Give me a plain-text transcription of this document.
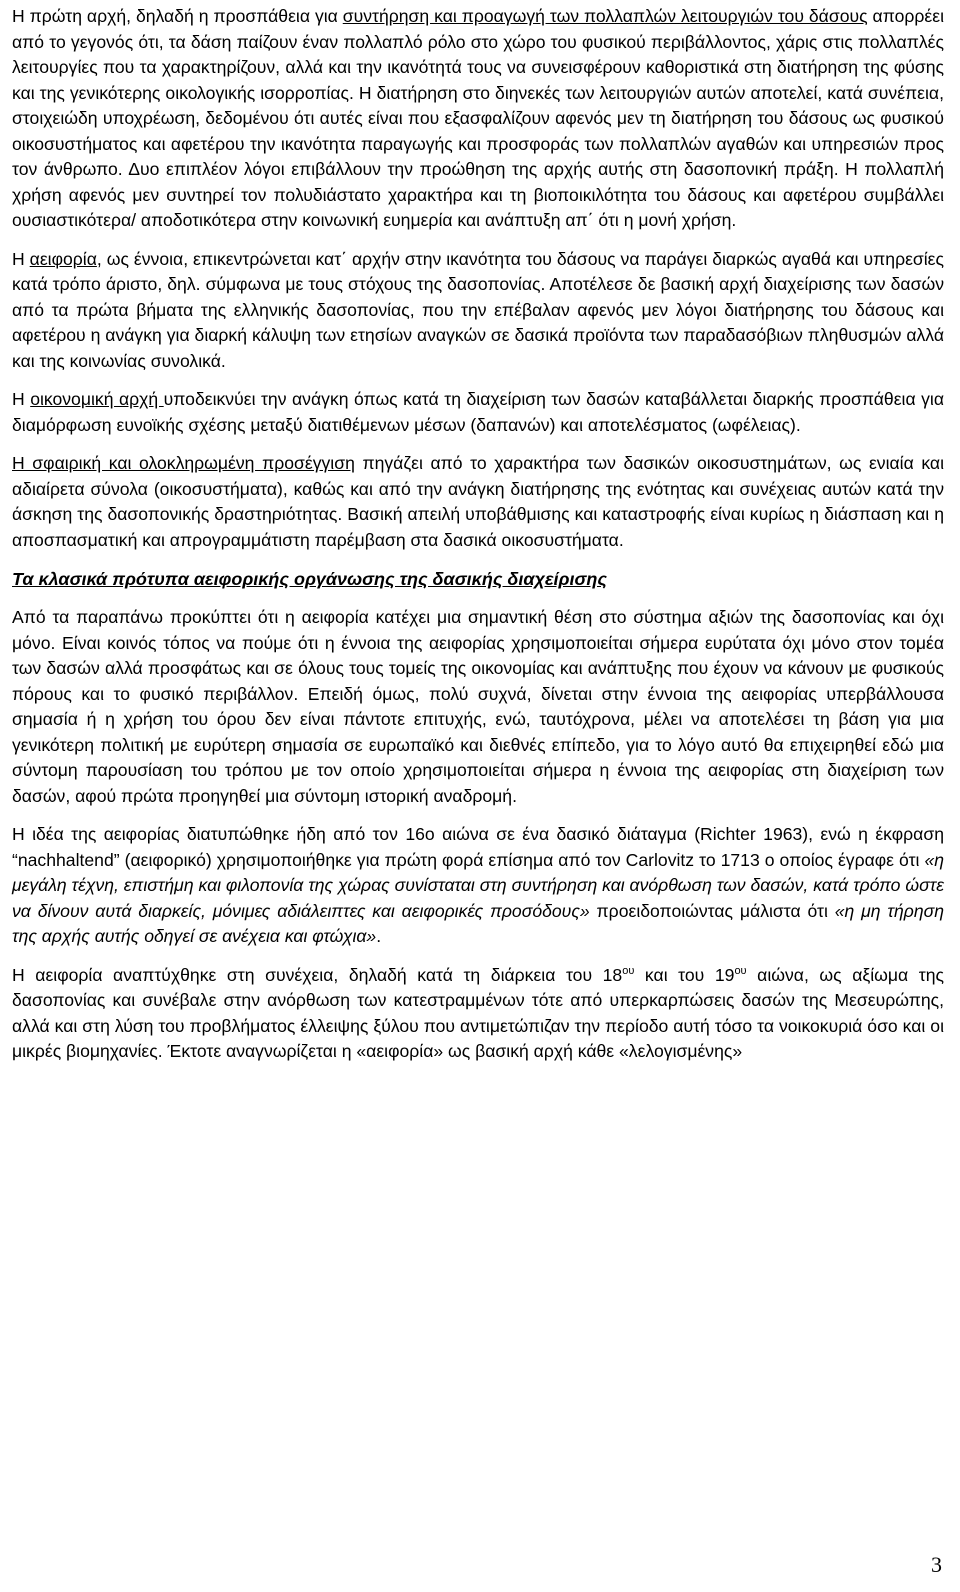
Η πρώτη αρχή, δηλαδή η προσπάθεια για συντήρηση και προαγωγή των πολλαπλών λειτουργιών του δάσους απορρέει από το γεγονός ότι, τα δάση παίζουν έναν πολλαπλό ρόλο στο χώρο του φυσικού περιβάλλοντος, χάρις στις πολλαπλές λειτουργίες που τα χαρακτηρίζουν, αλλά και την ικανότητά τους να συνεισφέρουν καθοριστικά στη διατήρηση της φύσης και της γενικότερης οικολογικής ισορροπίας. Η διατήρηση στο διηνεκές των λειτουργιών αυτών αποτελεί, κατά συνέπεια, στοιχειώδη υποχρέωση, δεδομένου ότι αυτές είναι που εξασφαλίζουν αφενός μεν τη διατήρηση του δάσους ως φυσικού οικοσυστήματος και αφετέρου την ικανότητα παραγωγής και προσφοράς των πολλαπλών αγαθών και υπηρεσιών προς τον άνθρωπο. Δυο επιπλέον λόγοι επιβάλλουν την προώθηση της αρχής αυτής στη δασοπονική πράξη. Η πολλαπλή χρήση αφενός μεν συντηρεί τον πολυδιάστατο χαρακτήρα και τη βιοποικιλότητα του δάσους και αφετέρου συμβάλλει ουσιαστικότερα/ αποδοτικότερα στην κοινωνική ευημερία και ανάπτυξη απ΄ ότι η μονή χρήση.

Η αειφορία, ως έννοια, επικεντρώνεται κατ΄ αρχήν στην ικανότητα του δάσους να παράγει διαρκώς αγαθά και υπηρεσίες κατά τρόπο άριστο, δηλ. σύμφωνα με τους στόχους της δασοπονίας. Αποτέλεσε δε βασική αρχή διαχείρισης των δασών από τα πρώτα βήματα της ελληνικής δασοπονίας, που την επέβαλαν αφενός μεν λόγοι διατήρησης του δάσους και αφετέρου η ανάγκη για διαρκή κάλυψη των ετησίων αναγκών σε δασικά προϊόντα των παραδασόβιων πληθυσμών αλλά και της κοινωνίας συνολικά.

Η οικονομική αρχή υποδεικνύει την ανάγκη όπως κατά τη διαχείριση των δασών καταβάλλεται διαρκής προσπάθεια για διαμόρφωση ευνοϊκής σχέσης μεταξύ διατιθέμενων μέσων (δαπανών) και αποτελέσματος (ωφέλειας).

Η σφαιρική και ολοκληρωμένη προσέγγιση πηγάζει από το χαρακτήρα των δασικών οικοσυστημάτων, ως ενιαία και αδιαίρετα σύνολα (οικοσυστήματα), καθώς και από την ανάγκη διατήρησης της ενότητας και συνέχειας αυτών κατά την άσκηση της δασοπονικής δραστηριότητας. Βασική απειλή υποβάθμισης και καταστροφής είναι κυρίως η διάσπαση και η αποσπασματική και απρογραμμάτιστη παρέμβαση στα δασικά οικοσυστήματα.

Τα κλασικά πρότυπα αειφορικής οργάνωσης της δασικής διαχείρισης

Από τα παραπάνω προκύπτει ότι η αειφορία κατέχει μια σημαντική θέση στο σύστημα αξιών της δασοπονίας και όχι μόνο. Είναι κοινός τόπος να πούμε ότι η έννοια της αειφορίας χρησιμοποιείται σήμερα ευρύτατα όχι μόνο στον τομέα των δασών αλλά προσφάτως και σε όλους τους τομείς της οικονομίας και ανάπτυξης που έχουν να κάνουν με φυσικούς πόρους και το φυσικό περιβάλλον. Επειδή όμως, πολύ συχνά, δίνεται στην έννοια της αειφορίας υπερβάλλουσα σημασία ή η χρήση του όρου δεν είναι πάντοτε επιτυχής, ενώ, ταυτόχρονα, μέλει να αποτελέσει τη βάση για μια γενικότερη πολιτική με ευρύτερη σημασία σε ευρωπαϊκό και διεθνές επίπεδο, για το λόγο αυτό θα επιχειρηθεί εδώ μια σύντομη παρουσίαση του τρόπου με τον οποίο χρησιμοποιείται σήμερα η έννοια της αειφορίας στη διαχείριση των δασών, αφού πρώτα προηγηθεί μια σύντομη ιστορική αναδρομή.

Η ιδέα της αειφορίας διατυπώθηκε ήδη από τον 16ο αιώνα σε ένα δασικό διάταγμα (Richter 1963), ενώ η έκφραση “nachhaltend” (αειφορικό) χρησιμοποιήθηκε για πρώτη φορά επίσημα από τον Carlovitz το 1713 ο οποίος έγραφε ότι «η μεγάλη τέχνη, επιστήμη και φιλοπονία της χώρας συνίσταται στη συντήρηση και ανόρθωση των δασών, κατά τρόπο ώστε να δίνουν αυτά διαρκείς, μόνιμες αδιάλειπτες και αειφορικές προσόδους» προειδοποιώντας μάλιστα ότι «η μη τήρηση της αρχής αυτής οδηγεί σε ανέχεια και φτώχια».

Η αειφορία αναπτύχθηκε στη συνέχεια, δηλαδή κατά τη διάρκεια του $18^{o\upsilon}$ και του $19^{o\upsilon}$ αιώνα, ως αξίωμα της δασοπονίας και συνέβαλε στην ανόρθωση των κατεστραμμένων τότε από υπερκαρπώσεις δασών της Μεσευρώπης, αλλά και στη λύση του προβλήματος έλλειψης ξύλου που αντιμετώπιζαν την περίοδο αυτή τόσο τα νοικοκυριά όσο και οι μικρές βιομηχανίες. Έκτοτε αναγνωρίζεται η «αειφορία» ως βασική αρχή κάθε «λελογισμένης»

3
